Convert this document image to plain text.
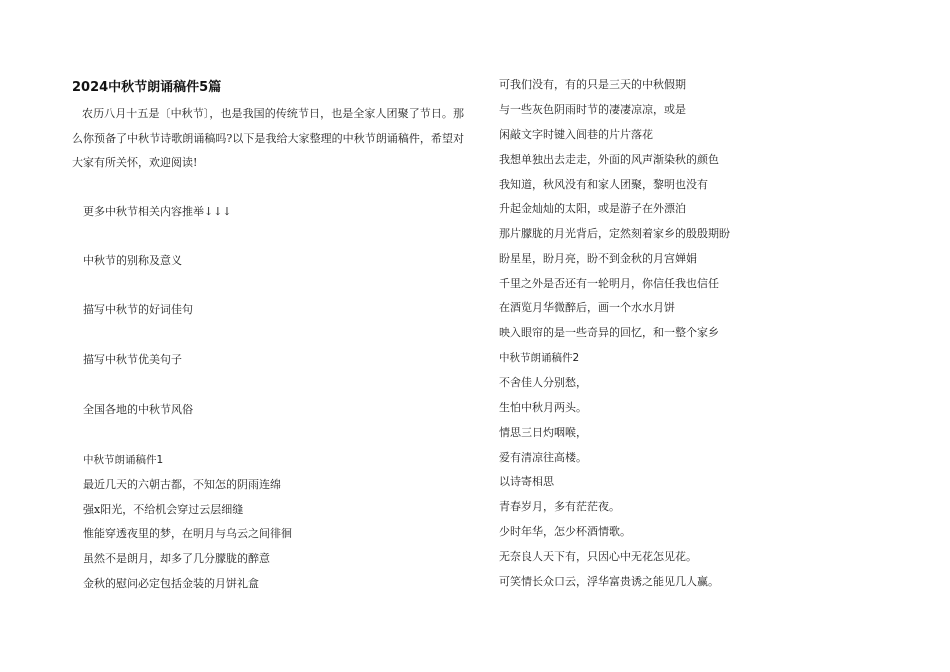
2024中秋节朗诵稿件5篇
农历八月十五是〔中秋节〕，也是我国的传统节日，也是全家人团聚了节日。那么你预备了中秋节诗歌朗诵稿吗?以下是我给大家整理的中秋节朗诵稿件，希望对大家有所关怀，欢迎阅读!
更多中秋节相关内容推举↓↓↓
中秋节的别称及意义
描写中秋节的好词佳句
描写中秋节优美句子
全国各地的中秋节风俗
中秋节朗诵稿件1
最近几天的六朝古都，不知怎的阴雨连绵
强ⅹ阳光，不给机会穿过云层细缝
惟能穿透夜里的梦，在明月与乌云之间徘徊
虽然不是朗月，却多了几分朦胧的醉意
金秋的慰问必定包括金装的月饼礼盒
可我们没有，有的只是三天的中秋假期
与一些灰色阴雨时节的凄凄凉凉，或是
闲敲文字时键入闾巷的片片落花
我想单独出去走走，外面的风声渐染秋的颜色
我知道，秋风没有和家人团聚，黎明也没有
升起金灿灿的太阳，或是游子在外漂泊
那片朦胧的月光背后，定然刻着家乡的殷殷期盼
盼星星，盼月亮，盼不到金秋的月宫婵娟
千里之外是否还有一轮明月，你信任我也信任
在酒览月华微醉后，画一个水水月饼
映入眼帘的是一些奇异的回忆，和一整个家乡
中秋节朗诵稿件2
不舍佳人分别愁，
生怕中秋月两头。
情思三日灼咽喉，
爱有清凉往高楼。
以诗寄相思
青春岁月，多有茫茫夜。
少时年华，怎少杯酒情歌。
无奈良人天下有，只因心中无花怎见花。
可笑情长众口云，浮华富贵诱之能见几人赢。
